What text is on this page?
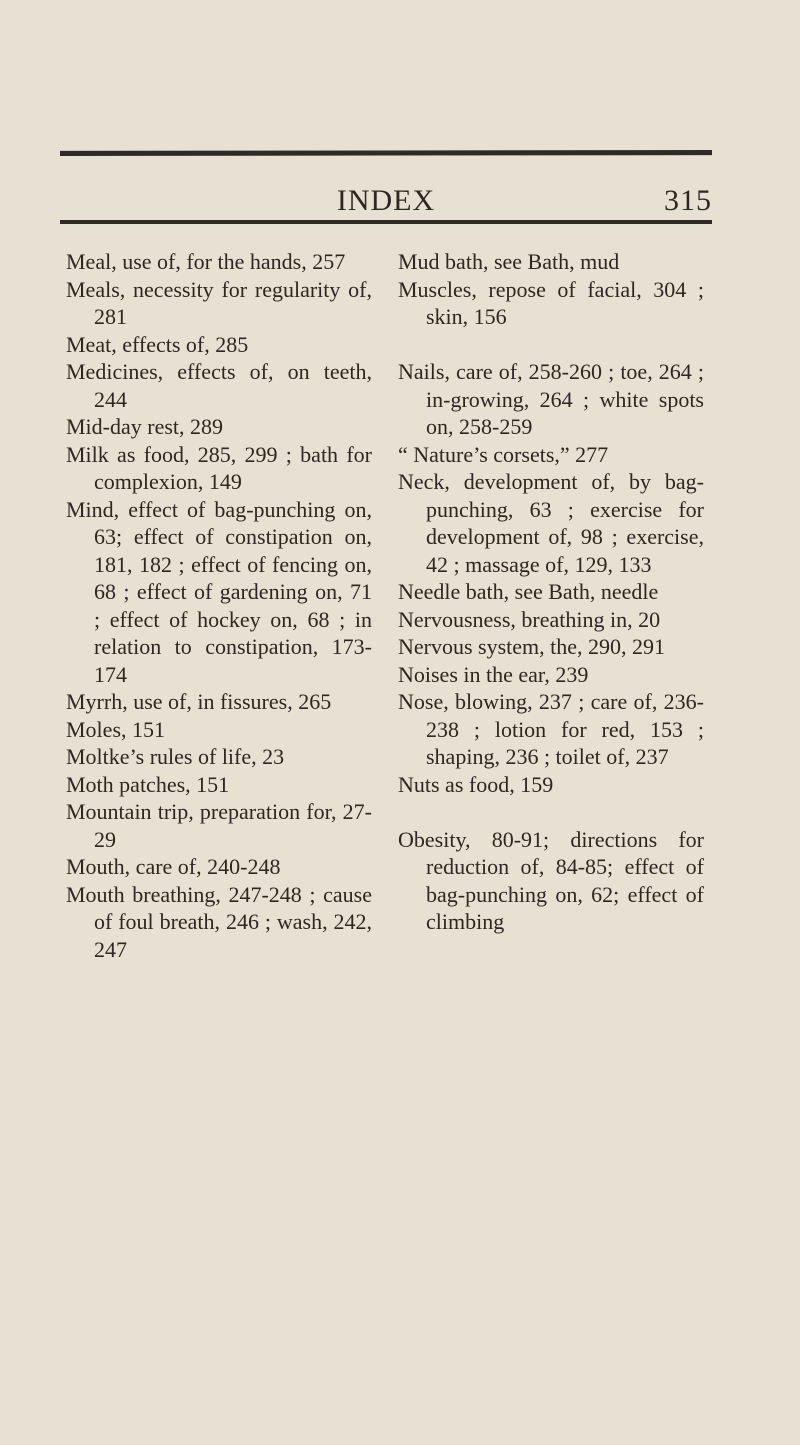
INDEX	315
Meal, use of, for the hands, 257
Meals, necessity for regularity of, 281
Meat, effects of, 285
Medicines, effects of, on teeth, 244
Mid-day rest, 289
Milk as food, 285, 299 ; bath for complexion, 149
Mind, effect of bag-punching on, 63; effect of constipation on, 181, 182 ; effect of fencing on, 68 ; effect of gardening on, 71 ; effect of hockey on, 68 ; in relation to constipation, 173-174
Myrrh, use of, in fissures, 265
Moles, 151
Moltke’s rules of life, 23
Moth patches, 151
Mountain trip, preparation for, 27-29
Mouth, care of, 240-248
Mouth breathing, 247-248 ; cause of foul breath, 246 ; wash, 242, 247
Mud bath, see Bath, mud
Muscles, repose of facial, 304 ; skin, 156
Nails, care of, 258-260 ; toe, 264 ; in-growing, 264 ; white spots on, 258-259
“ Nature’s corsets,” 277
Neck, development of, by bag-punching, 63 ; exercise for development of, 98 ; exercise, 42 ; massage of, 129, 133
Needle bath, see Bath, needle
Nervousness, breathing in, 20
Nervous system, the, 290, 291
Noises in the ear, 239
Nose, blowing, 237 ; care of, 236-238 ; lotion for red, 153 ; shaping, 236 ; toilet of, 237
Nuts as food, 159
Obesity, 80-91; directions for reduction of, 84-85; effect of bag-punching on, 62; effect of climbing
